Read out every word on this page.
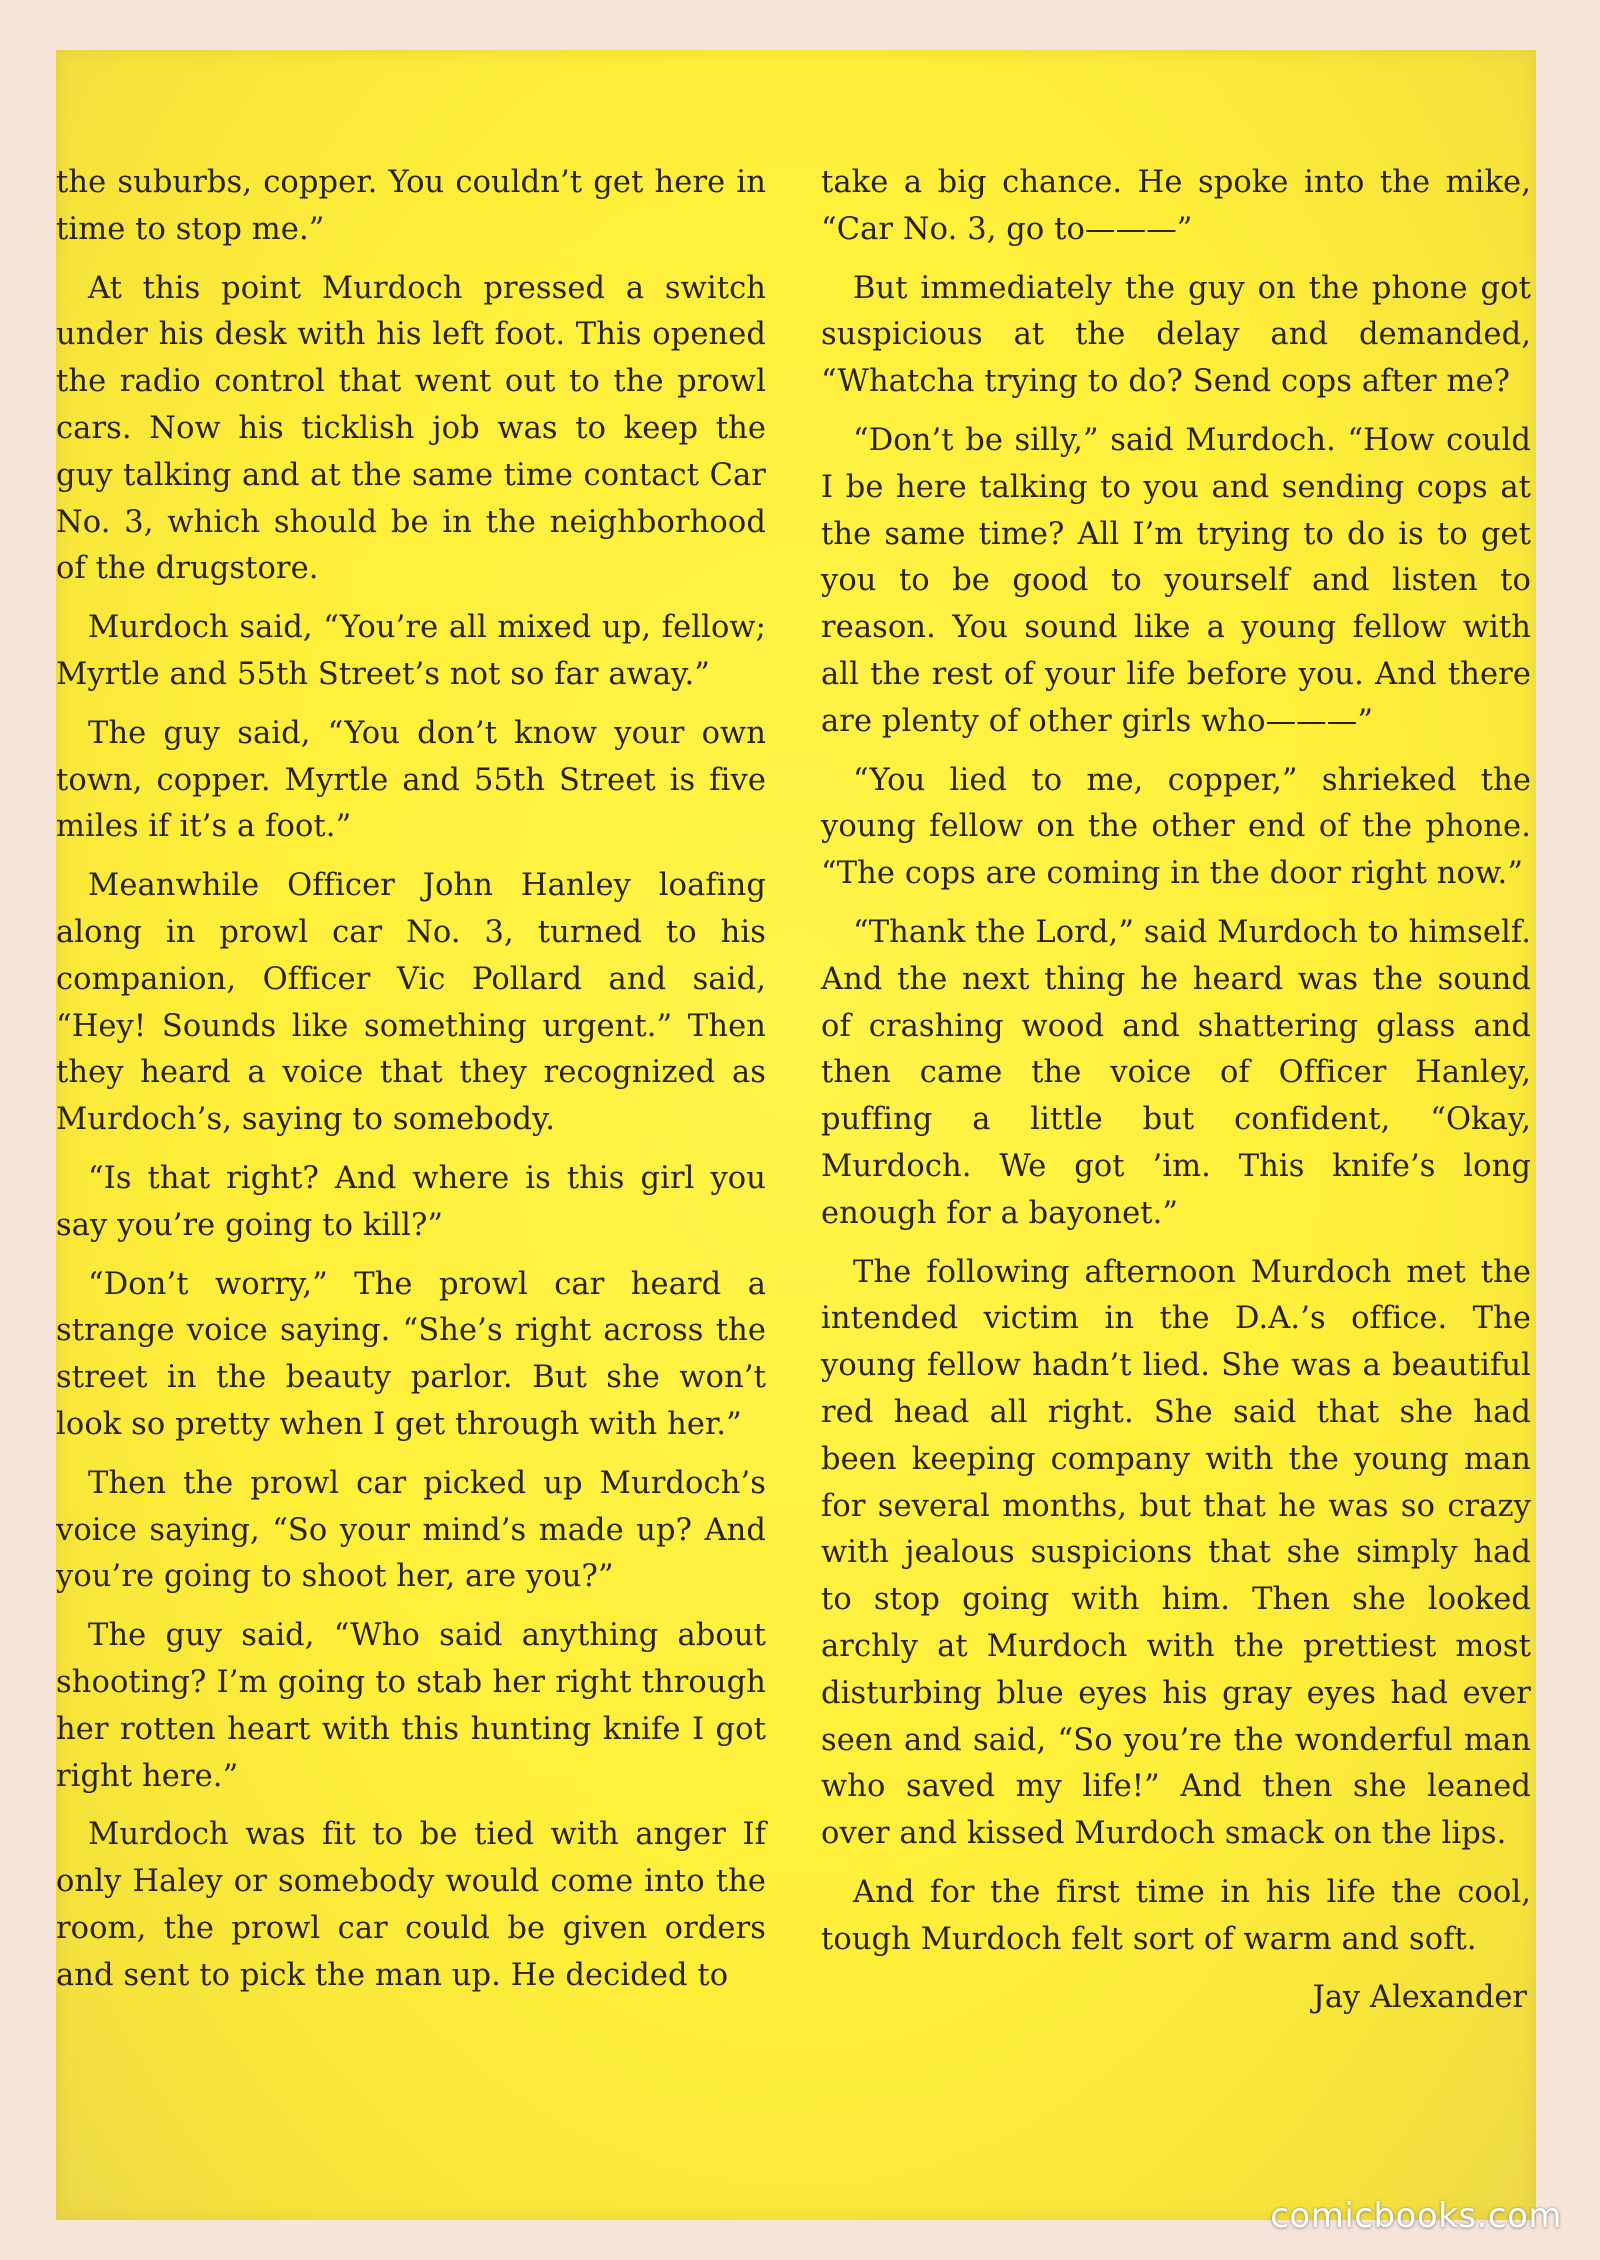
the suburbs, copper. You couldn’t get here in time to stop me.”

At this point Murdoch pressed a switch under his desk with his left foot. This opened the radio control that went out to the prowl cars. Now his ticklish job was to keep the guy talking and at the same time contact Car No. 3, which should be in the neighborhood of the drugstore.

Murdoch said, “You’re all mixed up, fellow; Myrtle and 55th Street’s not so far away.”

The guy said, “You don’t know your own town, copper. Myrtle and 55th Street is five miles if it’s a foot.”

Meanwhile Officer John Hanley loafing along in prowl car No. 3, turned to his companion, Officer Vic Pollard and said, “Hey! Sounds like something urgent.” Then they heard a voice that they recognized as Murdoch’s, saying to somebody.

“Is that right? And where is this girl you say you’re going to kill?”

“Don’t worry,” The prowl car heard a strange voice saying. “She’s right across the street in the beauty parlor. But she won’t look so pretty when I get through with her.”

Then the prowl car picked up Murdoch’s voice saying, “So your mind’s made up? And you’re going to shoot her, are you?”

The guy said, “Who said anything about shooting? I’m going to stab her right through her rotten heart with this hunting knife I got right here.”

Murdoch was fit to be tied with anger If only Haley or somebody would come into the room, the prowl car could be given orders and sent to pick the man up. He decided to

take a big chance. He spoke into the mike, “Car No. 3, go to———”

But immediately the guy on the phone got suspicious at the delay and demanded, “Whatcha trying to do? Send cops after me?

“Don’t be silly,” said Murdoch. “How could I be here talking to you and sending cops at the same time? All I’m trying to do is to get you to be good to yourself and listen to reason. You sound like a young fellow with all the rest of your life before you. And there are plenty of other girls who———”

“You lied to me, copper,” shrieked the young fellow on the other end of the phone. “The cops are coming in the door right now.”

“Thank the Lord,” said Murdoch to himself. And the next thing he heard was the sound of crashing wood and shattering glass and then came the voice of Officer Hanley, puffing a little but confident, “Okay, Murdoch. We got ’im. This knife’s long enough for a bayonet.”

The following afternoon Murdoch met the intended victim in the D.A.’s office. The young fellow hadn’t lied. She was a beautiful red head all right. She said that she had been keeping company with the young man for several months, but that he was so crazy with jealous suspicions that she simply had to stop going with him. Then she looked archly at Murdoch with the prettiest most disturbing blue eyes his gray eyes had ever seen and said, “So you’re the wonderful man who saved my life!” And then she leaned over and kissed Murdoch smack on the lips.

And for the first time in his life the cool, tough Murdoch felt sort of warm and soft.

Jay Alexander
comicbooks.com
